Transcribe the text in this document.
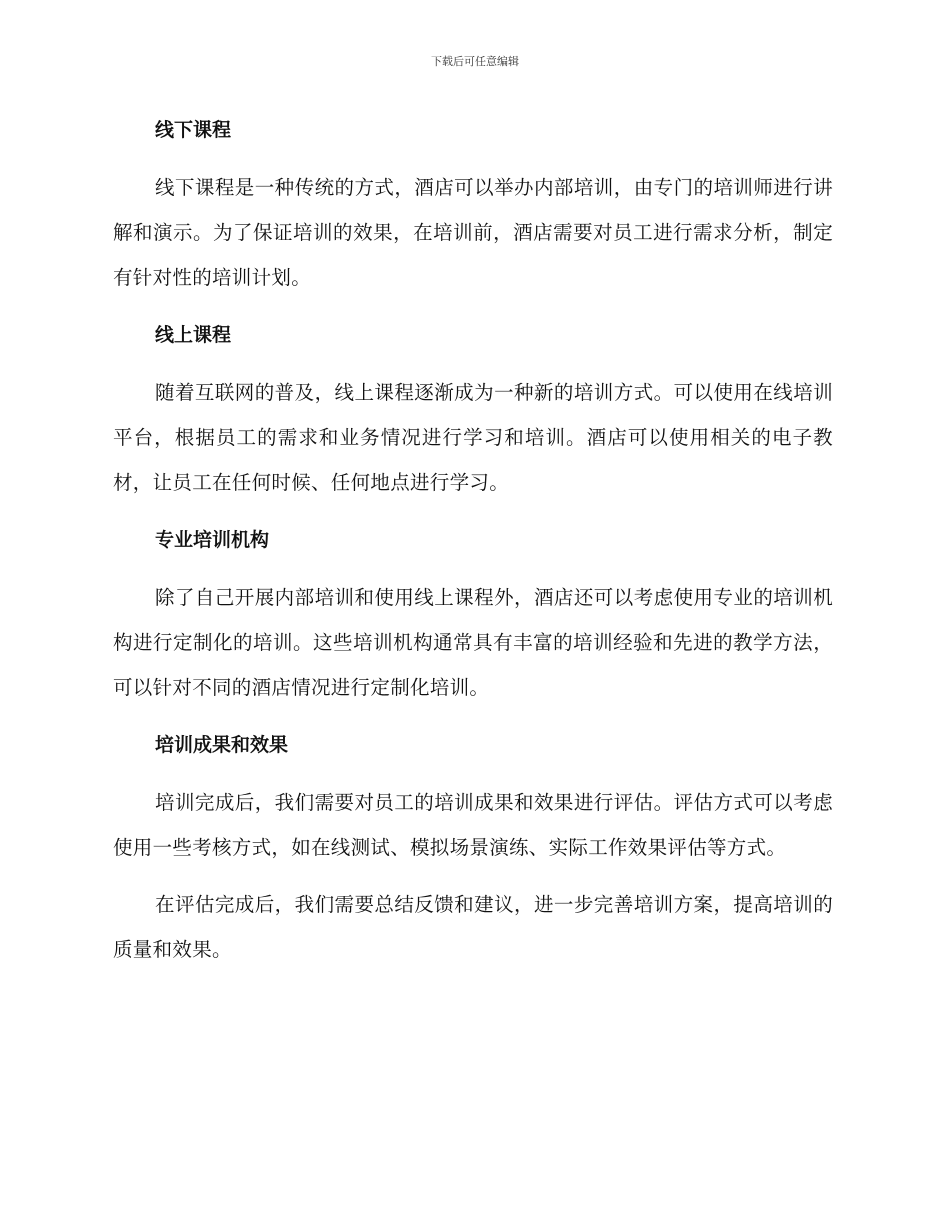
下载后可任意编辑
线下课程

线下课程是一种传统的方式，酒店可以举办内部培训，由专门的培训师进行讲解和演示。为了保证培训的效果，在培训前，酒店需要对员工进行需求分析，制定有针对性的培训计划。

线上课程

随着互联网的普及，线上课程逐渐成为一种新的培训方式。可以使用在线培训平台，根据员工的需求和业务情况进行学习和培训。酒店可以使用相关的电子教材，让员工在任何时候、任何地点进行学习。

专业培训机构

除了自己开展内部培训和使用线上课程外，酒店还可以考虑使用专业的培训机构进行定制化的培训。这些培训机构通常具有丰富的培训经验和先进的教学方法，可以针对不同的酒店情况进行定制化培训。

培训成果和效果

培训完成后，我们需要对员工的培训成果和效果进行评估。评估方式可以考虑使用一些考核方式，如在线测试、模拟场景演练、实际工作效果评估等方式。

在评估完成后，我们需要总结反馈和建议，进一步完善培训方案，提高培训的质量和效果。
